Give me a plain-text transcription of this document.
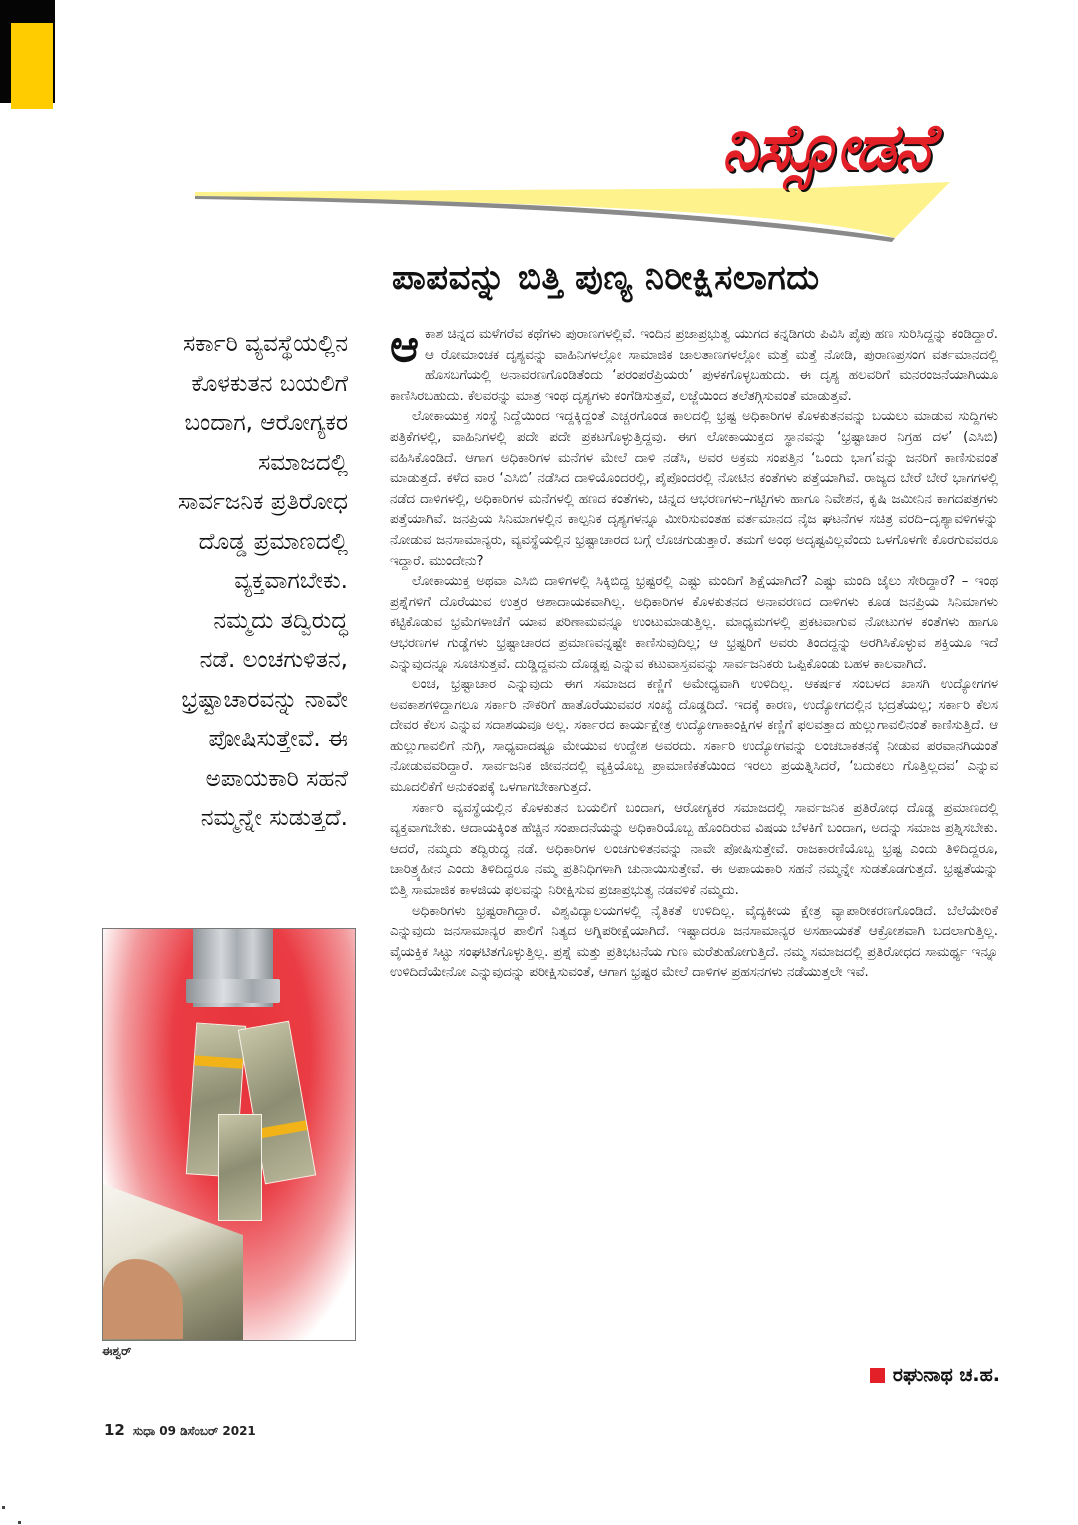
ನಿಸ್ಸೋಡನೆ
ಪಾಪವನ್ನು ಬಿತ್ತಿ ಪುಣ್ಯ ನಿರೀಕ್ಷಿಸಲಾಗದು
ಸರ್ಕಾರಿ ವ್ಯವಸ್ಥೆಯಲ್ಲಿನ
ಕೊಳಕುತನ ಬಯಲಿಗೆ
ಬಂದಾಗ, ಆರೋಗ್ಯಕರ
ಸಮಾಜದಲ್ಲಿ
ಸಾರ್ವಜನಿಕ ಪ್ರತಿರೋಧ
ದೊಡ್ಡ ಪ್ರಮಾಣದಲ್ಲಿ
ವ್ಯಕ್ತವಾಗಬೇಕು.
ನಮ್ಮದು ತದ್ವಿರುದ್ಧ
ನಡೆ. ಲಂಚಗುಳಿತನ,
ಭ್ರಷ್ಟಾಚಾರವನ್ನು ನಾವೇ
ಪೋಷಿಸುತ್ತೇವೆ. ಈ
ಅಪಾಯಕಾರಿ ಸಹನೆ
ನಮ್ಮನ್ನೇ ಸುಡುತ್ತದೆ.

ಆಕಾಶ ಚಿನ್ನದ ಮಳೆಗರೆವ ಕಥೆಗಳು ಪುರಾಣಗಳಲ್ಲಿವೆ. ಇಂದಿನ ಪ್ರಜಾಪ್ರಭುತ್ವ ಯುಗದ ಕನ್ನಡಿಗರು ಪಿವಿಸಿ ಪೈಪು ಹಣ ಸುರಿಸಿದ್ದನ್ನು ಕಂಡಿದ್ದಾರೆ. ಆ ರೋಮಾಂಚಕ ದೃಶ್ಯವನ್ನು ವಾಹಿನಿಗಳಲ್ಲೋ ಸಾಮಾಜಿಕ ಜಾಲತಾಣಗಳಲ್ಲೋ ಮತ್ತೆ ಮತ್ತೆ ನೋಡಿ, ಪುರಾಣಪ್ರಸಂಗ ವರ್ತಮಾನದಲ್ಲಿ ಹೊಸಬಗೆಯಲ್ಲಿ ಅನಾವರಣಗೊಂಡಿತೆಂದು ‘ಪರಂಪರೆಪ್ರಿಯರು’ ಪುಳಕಗೊಳ್ಳಬಹುದು. ಈ ದೃಶ್ಯ ಹಲವರಿಗೆ ಮನರಂಜನೆಯಾಗಿಯೂ ಕಾಣಿಸಿರಬಹುದು. ಕೆಲವರನ್ನು ಮಾತ್ರ ಇಂಥ ದೃಶ್ಯಗಳು ಕಂಗೆಡಿಸುತ್ತವೆ, ಲಜ್ಜೆಯಿಂದ ತಲೆತಗ್ಗಿಸುವಂತೆ ಮಾಡುತ್ತವೆ.

ಲೋಕಾಯುಕ್ತ ಸಂಸ್ಥೆ ನಿದ್ದೆಯಿಂದ ಇದ್ದಕ್ಕಿದ್ದಂತೆ ಎಚ್ಚರಗೊಂಡ ಕಾಲದಲ್ಲಿ ಭ್ರಷ್ಟ ಅಧಿಕಾರಿಗಳ ಕೊಳಕುತನವನ್ನು ಬಯಲು ಮಾಡುವ ಸುದ್ದಿಗಳು ಪತ್ರಿಕೆಗಳಲ್ಲಿ, ವಾಹಿನಿಗಳಲ್ಲಿ ಪದೇ ಪದೇ ಪ್ರಕಟಗೊಳ್ಳುತ್ತಿದ್ದವು. ಈಗ ಲೋಕಾಯುಕ್ತದ ಸ್ಥಾನವನ್ನು ‘ಭ್ರಷ್ಟಾಚಾರ ನಿಗ್ರಹ ದಳ’ (ಎಸಿಬಿ) ವಹಿಸಿಕೊಂಡಿದೆ. ಆಗಾಗ ಅಧಿಕಾರಿಗಳ ಮನೆಗಳ ಮೇಲೆ ದಾಳಿ ನಡೆಸಿ, ಅವರ ಅಕ್ರಮ ಸಂಪತ್ತಿನ ‘ಒಂದು ಭಾಗ’ವನ್ನು ಜನರಿಗೆ ಕಾಣಿಸುವಂತೆ ಮಾಡುತ್ತದೆ. ಕಳೆದ ವಾರ ‘ಎಸಿಬಿ’ ನಡೆಸಿದ ದಾಳಿಯೊಂದರಲ್ಲಿ, ಪೈಪೊಂದರಲ್ಲಿ ನೋಟಿನ ಕಂತೆಗಳು ಪತ್ತೆಯಾಗಿವೆ. ರಾಜ್ಯದ ಬೇರೆ ಬೇರೆ ಭಾಗಗಳಲ್ಲಿ ನಡೆದ ದಾಳಿಗಳಲ್ಲಿ, ಅಧಿಕಾರಿಗಳ ಮನೆಗಳಲ್ಲಿ ಹಣದ ಕಂತೆಗಳು, ಚಿನ್ನದ ಆಭರಣಗಳು–ಗಟ್ಟಿಗಳು ಹಾಗೂ ನಿವೇಶನ, ಕೃಷಿ ಜಮೀನಿನ ಕಾಗದಪತ್ರಗಳು ಪತ್ತೆಯಾಗಿವೆ. ಜನಪ್ರಿಯ ಸಿನಿಮಾಗಳಲ್ಲಿನ ಕಾಲ್ಪನಿಕ ದೃಶ್ಯಗಳನ್ನೂ ಮೀರಿಸುವಂತಹ ವರ್ತಮಾನದ ನೈಜ ಘಟನೆಗಳ ಸಚಿತ್ರ ವರದಿ–ದೃಶ್ಯಾವಳಿಗಳನ್ನು ನೋಡುವ ಜನಸಾಮಾನ್ಯರು, ವ್ಯವಸ್ಥೆಯಲ್ಲಿನ ಭ್ರಷ್ಟಾಚಾರದ ಬಗ್ಗೆ ಲೊಚಗುಡುತ್ತಾರೆ. ತಮಗೆ ಅಂಥ ಅದೃಷ್ಟವಿಲ್ಲವೆಂದು ಒಳಗೊಳಗೇ ಕೊರಗುವವರೂ ಇದ್ದಾರೆ. ಮುಂದೇನು?

ಲೋಕಾಯುಕ್ತ ಅಥವಾ ಎಸಿಬಿ ದಾಳಿಗಳಲ್ಲಿ ಸಿಕ್ಕಿಬಿದ್ದ ಭ್ರಷ್ಟರಲ್ಲಿ ಎಷ್ಟು ಮಂದಿಗೆ ಶಿಕ್ಷೆಯಾಗಿದೆ? ಎಷ್ಟು ಮಂದಿ ಜೈಲು ಸೇರಿದ್ದಾರೆ? – ಇಂಥ ಪ್ರಶ್ನೆಗಳಿಗೆ ದೊರೆಯುವ ಉತ್ತರ ಆಶಾದಾಯಕವಾಗಿಲ್ಲ. ಅಧಿಕಾರಿಗಳ ಕೊಳಕುತನದ ಅನಾವರಣದ ದಾಳಿಗಳು ಕೂಡ ಜನಪ್ರಿಯ ಸಿನಿಮಾಗಳು ಕಟ್ಟಿಕೊಡುವ ಭ್ರಮೆಗಳಾಚೆಗೆ ಯಾವ ಪರಿಣಾಮವನ್ನೂ ಉಂಟುಮಾಡುತ್ತಿಲ್ಲ. ಮಾಧ್ಯಮಗಳಲ್ಲಿ ಪ್ರಕಟವಾಗುವ ನೋಟುಗಳ ಕಂತೆಗಳು ಹಾಗೂ ಆಭರಣಗಳ ಗುಡ್ಡೆಗಳು ಭ್ರಷ್ಟಾಚಾರದ ಪ್ರಮಾಣವನ್ನಷ್ಟೇ ಕಾಣಿಸುವುದಿಲ್ಲ; ಆ ಭ್ರಷ್ಟರಿಗೆ ಅವರು ತಿಂದದ್ದನ್ನು ಅರಗಿಸಿಕೊಳ್ಳುವ ಶಕ್ತಿಯೂ ಇದೆ ಎನ್ನುವುದನ್ನೂ ಸೂಚಿಸುತ್ತವೆ. ದುಡ್ಡಿದ್ದವನು ದೊಡ್ಡಪ್ಪ ಎನ್ನುವ ಕಟುವಾಸ್ತವವನ್ನು ಸಾರ್ವಜನಿಕರು ಒಪ್ಪಿಕೊಂಡು ಬಹಳ ಕಾಲವಾಗಿದೆ.

ಲಂಚ, ಭ್ರಷ್ಟಾಚಾರ ಎನ್ನುವುದು ಈಗ ಸಮಾಜದ ಕಣ್ಣಿಗೆ ಅಮೇಧ್ಯವಾಗಿ ಉಳಿದಿಲ್ಲ. ಆಕರ್ಷಕ ಸಂಬಳದ ಖಾಸಗಿ ಉದ್ಯೋಗಗಳ ಅವಕಾಶಗಳಿದ್ದಾಗಲೂ ಸರ್ಕಾರಿ ನೌಕರಿಗೆ ಹಾತೊರೆಯುವವರ ಸಂಖ್ಯೆ ದೊಡ್ಡದಿದೆ. ಇದಕ್ಕೆ ಕಾರಣ, ಉದ್ಯೋಗದಲ್ಲಿನ ಭದ್ರತೆಯಲ್ಲ; ಸರ್ಕಾರಿ ಕೆಲಸ ದೇವರ ಕೆಲಸ ಎನ್ನುವ ಸದಾಶಯವೂ ಅಲ್ಲ. ಸರ್ಕಾರದ ಕಾರ್ಯಕ್ಷೇತ್ರ ಉದ್ಯೋಗಾಕಾಂಕ್ಷಿಗಳ ಕಣ್ಣಿಗೆ ಫಲವತ್ತಾದ ಹುಲ್ಲುಗಾವಲಿನಂತೆ ಕಾಣಿಸುತ್ತಿದೆ. ಆ ಹುಲ್ಲುಗಾವಲಿಗೆ ನುಗ್ಗಿ, ಸಾಧ್ಯವಾದಷ್ಟೂ ಮೇಯುವ ಉದ್ದೇಶ ಅವರದು. ಸರ್ಕಾರಿ ಉದ್ಯೋಗವನ್ನು ಲಂಚಬಾಕತನಕ್ಕೆ ನೀಡುವ ಪರವಾನಗಿಯಂತೆ ನೋಡುವವರಿದ್ದಾರೆ. ಸಾರ್ವಜನಿಕ ಜೀವನದಲ್ಲಿ ವ್ಯಕ್ತಿಯೊಬ್ಬ ಪ್ರಾಮಾಣಿಕತೆಯಿಂದ ಇರಲು ಪ್ರಯತ್ನಿಸಿದರೆ, ‘ಬದುಕಲು ಗೊತ್ತಿಲ್ಲದವ’ ಎನ್ನುವ ಮೂದಲಿಕೆಗೆ ಅನುಕಂಪಕ್ಕೆ ಒಳಗಾಗಬೇಕಾಗುತ್ತದೆ.

ಸರ್ಕಾರಿ ವ್ಯವಸ್ಥೆಯಲ್ಲಿನ ಕೊಳಕುತನ ಬಯಲಿಗೆ ಬಂದಾಗ, ಆರೋಗ್ಯಕರ ಸಮಾಜದಲ್ಲಿ ಸಾರ್ವಜನಿಕ ಪ್ರತಿರೋಧ ದೊಡ್ಡ ಪ್ರಮಾಣದಲ್ಲಿ ವ್ಯಕ್ತವಾಗಬೇಕು. ಆದಾಯಕ್ಕಿಂತ ಹೆಚ್ಚಿನ ಸಂಪಾದನೆಯನ್ನು ಅಧಿಕಾರಿಯೊಬ್ಬ ಹೊಂದಿರುವ ವಿಷಯ ಬೆಳಕಿಗೆ ಬಂದಾಗ, ಅದನ್ನು ಸಮಾಜ ಪ್ರಶ್ನಿಸಬೇಕು. ಆದರೆ, ನಮ್ಮದು ತದ್ವಿರುದ್ಧ ನಡೆ. ಅಧಿಕಾರಿಗಳ ಲಂಚಗುಳಿತನವನ್ನು ನಾವೇ ಪೋಷಿಸುತ್ತೇವೆ. ರಾಜಕಾರಣಿಯೊಬ್ಬ ಭ್ರಷ್ಟ ಎಂದು ತಿಳಿದಿದ್ದರೂ, ಚಾರಿತ್ರ್ಯಹೀನ ಎಂದು ತಿಳಿದಿದ್ದರೂ ನಮ್ಮ ಪ್ರತಿನಿಧಿಗಳಾಗಿ ಚುನಾಯಿಸುತ್ತೇವೆ. ಈ ಅಪಾಯಕಾರಿ ಸಹನೆ ನಮ್ಮನ್ನೇ ಸುಡತೊಡಗುತ್ತದೆ. ಭ್ರಷ್ಟತೆಯನ್ನು ಬಿತ್ತಿ ಸಾಮಾಜಿಕ ಕಾಳಜಿಯ ಫಲವನ್ನು ನಿರೀಕ್ಷಿಸುವ ಪ್ರಜಾಪ್ರಭುತ್ವ ನಡವಳಿಕೆ ನಮ್ಮದು.

ಅಧಿಕಾರಿಗಳು ಭ್ರಷ್ಟರಾಗಿದ್ದಾರೆ. ವಿಶ್ವವಿದ್ಯಾಲಯಗಳಲ್ಲಿ ನೈತಿಕತೆ ಉಳಿದಿಲ್ಲ. ವೈದ್ಯಕೀಯ ಕ್ಷೇತ್ರ ವ್ಯಾಪಾರೀಕರಣಗೊಂಡಿದೆ. ಬೆಲೆಯೇರಿಕೆ ಎನ್ನುವುದು ಜನಸಾಮಾನ್ಯರ ಪಾಲಿಗೆ ನಿತ್ಯದ ಅಗ್ನಿಪರೀಕ್ಷೆಯಾಗಿದೆ. ಇಷ್ಟಾದರೂ ಜನಸಾಮಾನ್ಯರ ಅಸಹಾಯಕತೆ ಆಕ್ರೋಶವಾಗಿ ಬದಲಾಗುತ್ತಿಲ್ಲ. ವೈಯಕ್ತಿಕ ಸಿಟ್ಟು ಸಂಘಟಿತಗೊಳ್ಳುತ್ತಿಲ್ಲ. ಪ್ರಶ್ನೆ ಮತ್ತು ಪ್ರತಿಭಟನೆಯ ಗುಣ ಮರೆತುಹೋಗುತ್ತಿದೆ. ನಮ್ಮ ಸಮಾಜದಲ್ಲಿ ಪ್ರತಿರೋಧದ ಸಾಮರ್ಥ್ಯ ಇನ್ನೂ ಉಳಿದಿದೆಯೇನೋ ಎನ್ನುವುದನ್ನು ಪರೀಕ್ಷಿಸುವಂತೆ, ಆಗಾಗ ಭ್ರಷ್ಟರ ಮೇಲೆ ದಾಳಿಗಳ ಪ್ರಹಸನಗಳು ನಡೆಯುತ್ತಲೇ ಇವೆ.

ರಘುನಾಥ ಚ.ಹ.
ಈಶ್ವರ್
12 ಸುಧಾ 09 ಡಿಸೆಂಬರ್ 2021
